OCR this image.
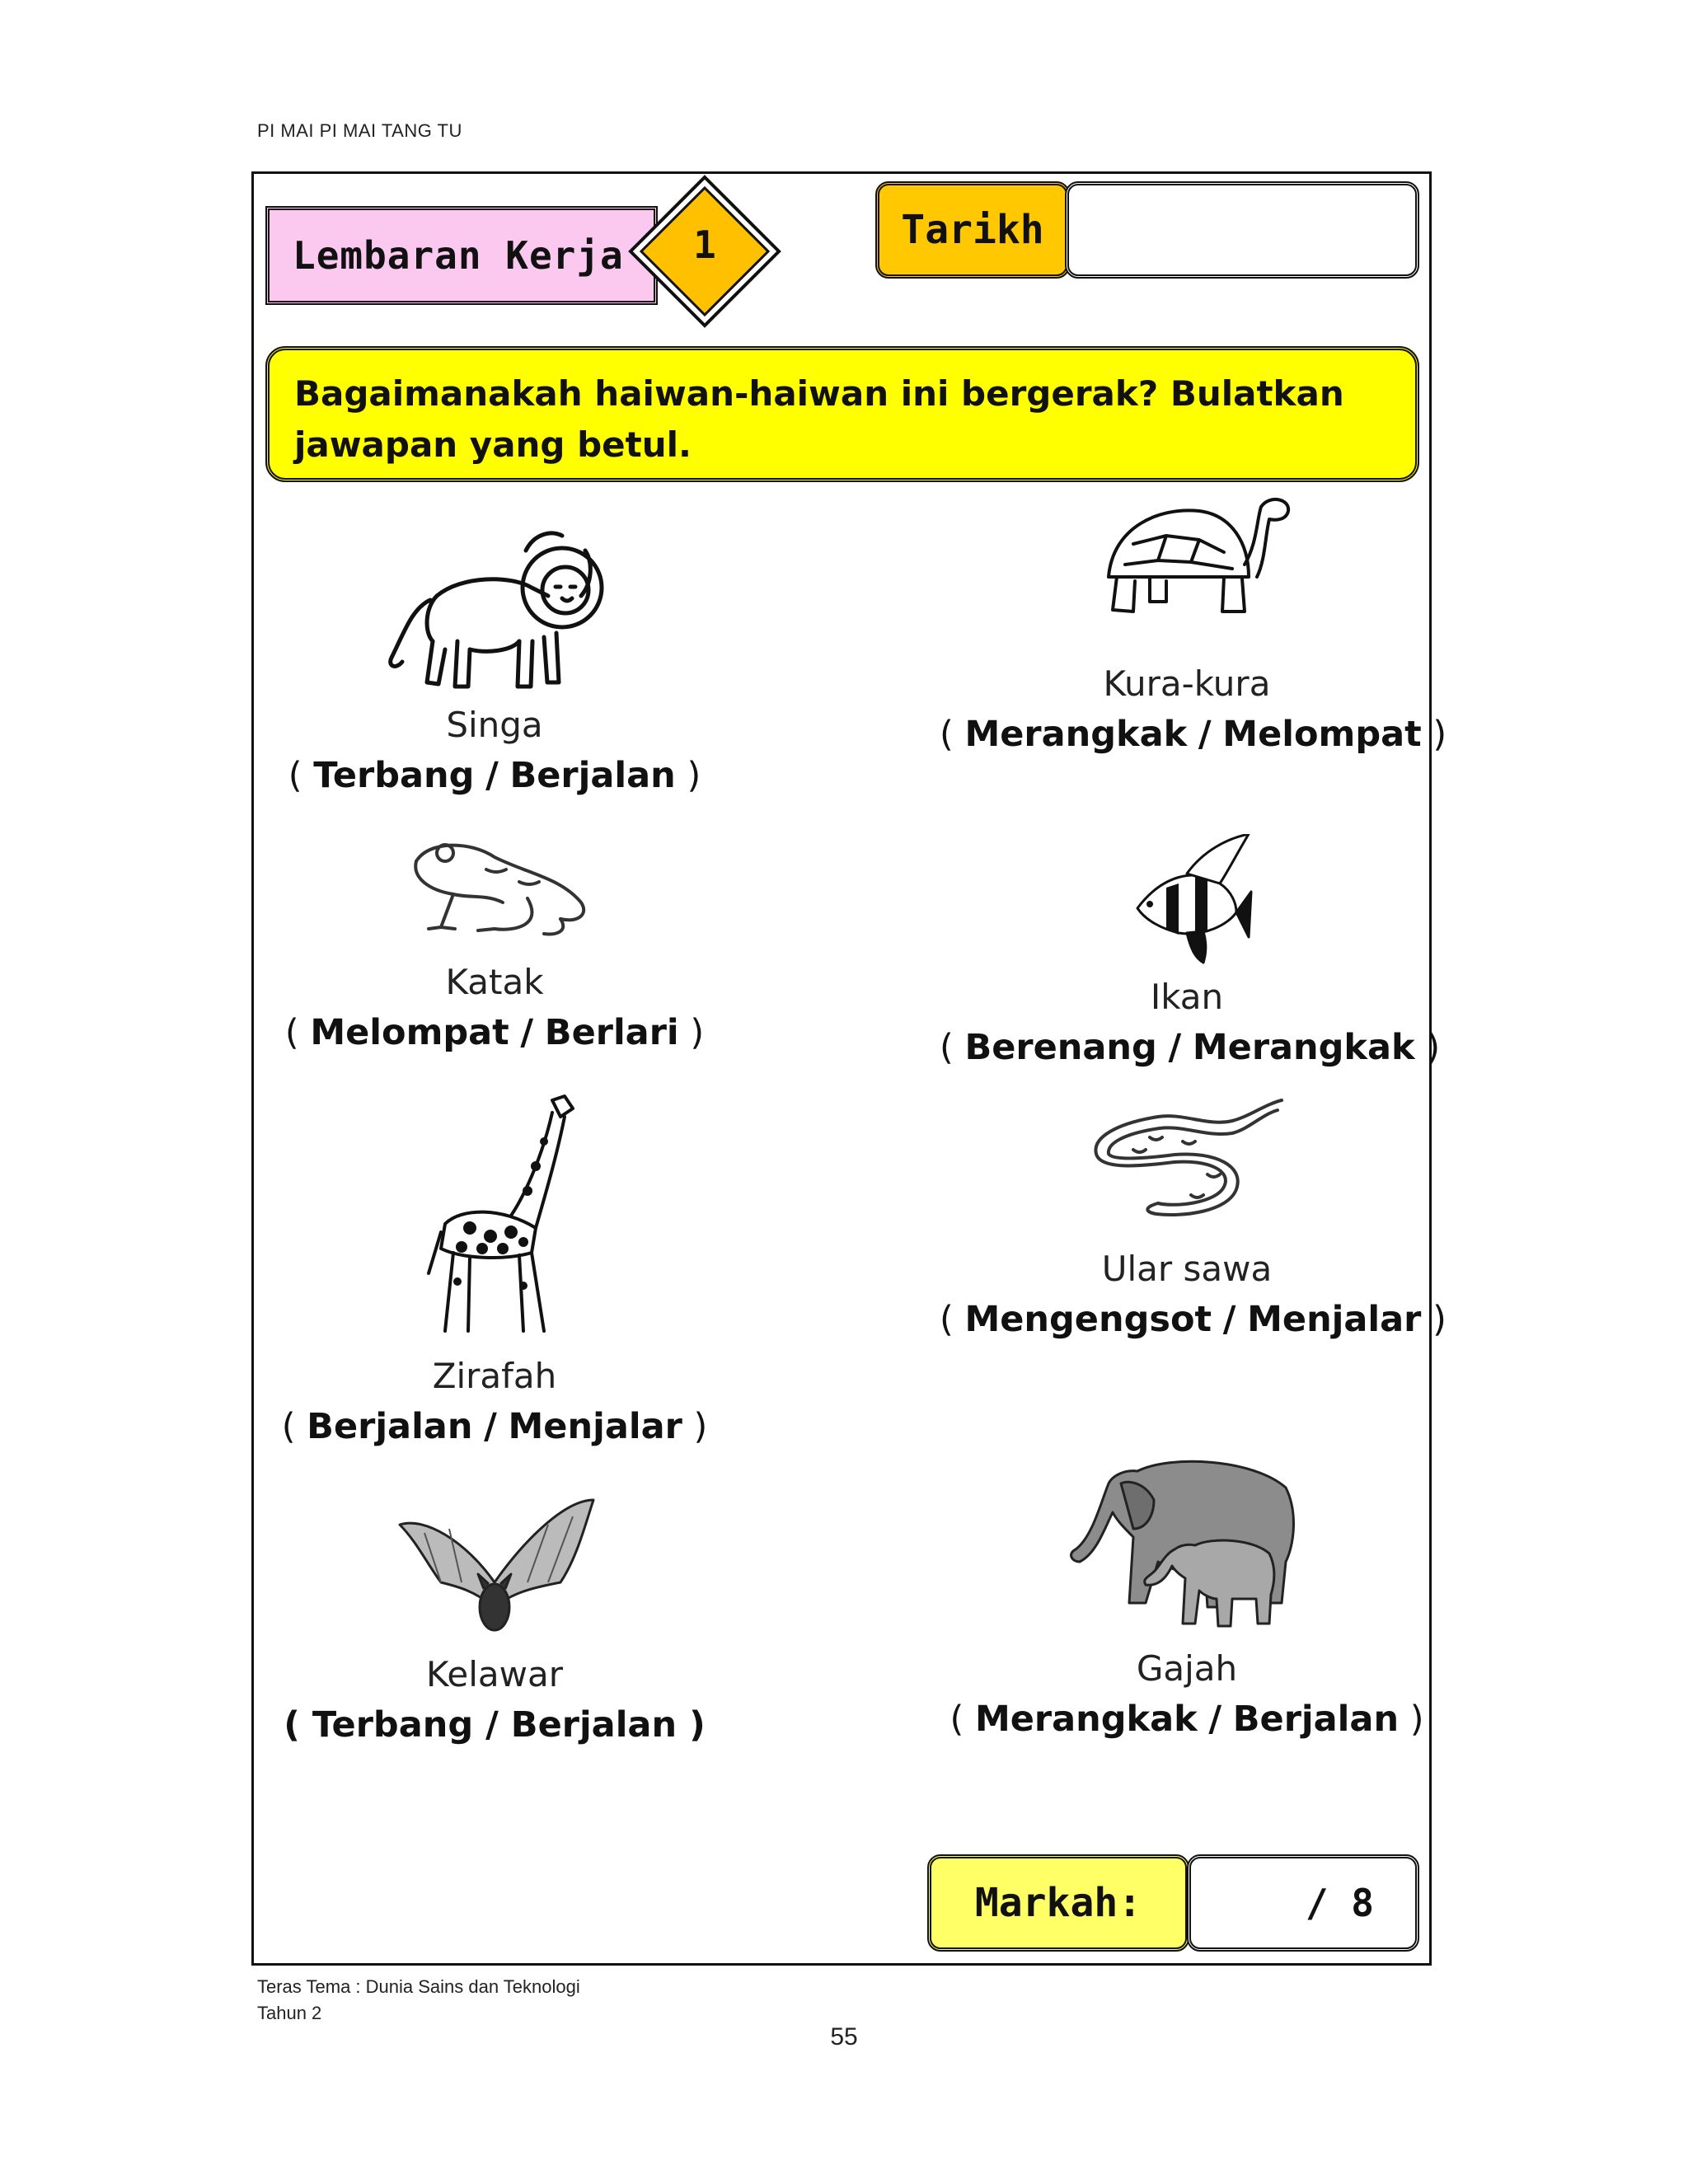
PI MAI PI MAI TANG TU
Lembaran Kerja	1	Tarikh
Bagaimanakah haiwan-haiwan ini bergerak? Bulatkan
jawapan yang betul.
Singa
( Terbang / Berjalan )
Katak
( Melompat / Berlari )
Zirafah
( Berjalan / Menjalar )
Kelawar
( Terbang / Berjalan )
Kura-kura
( Merangkak / Melompat )
Ikan
( Berenang / Merangkak )
Ular sawa
( Mengengsot / Menjalar )
Gajah
( Merangkak / Berjalan )
Markah:	/ 8
Teras Tema : Dunia Sains dan Teknologi
Tahun 2
55
